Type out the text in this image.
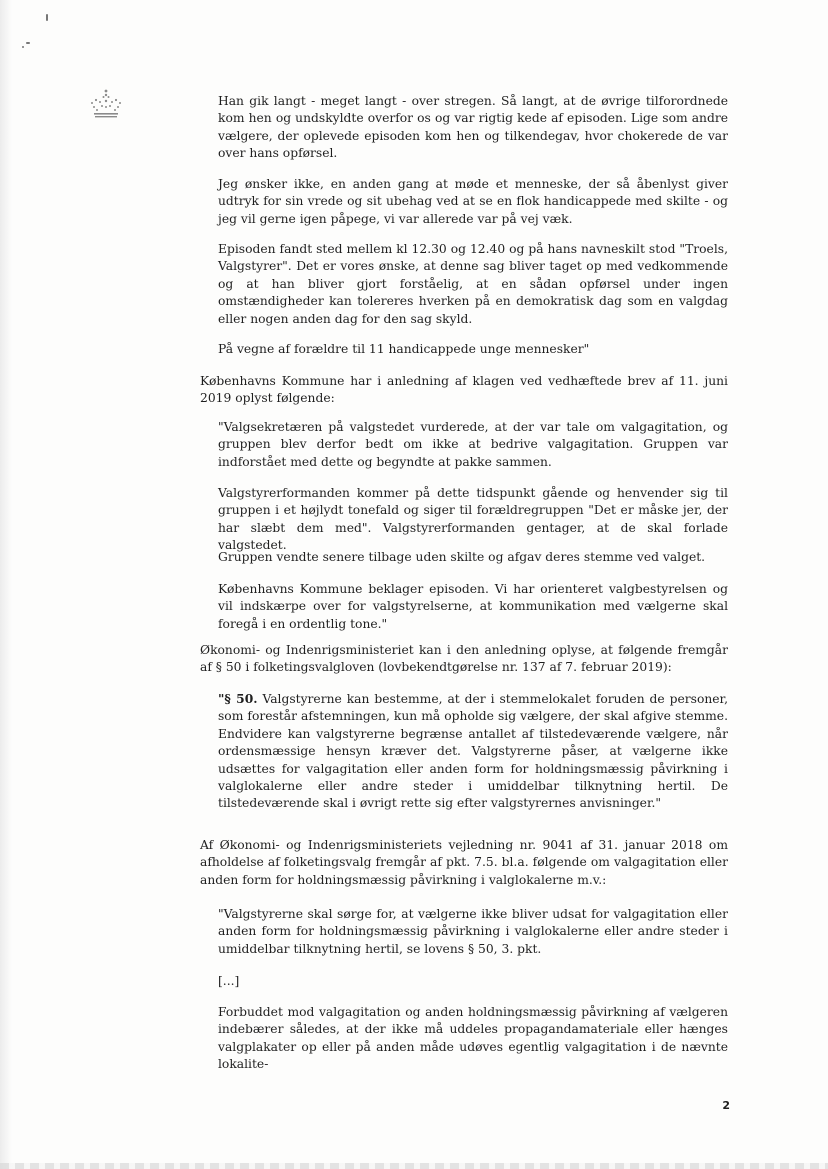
Han gik langt - meget langt - over stregen. Så langt, at de øvrige tilforordnede kom hen og undskyldte overfor os og var rigtig kede af episoden. Lige som andre vælgere, der oplevede episoden kom hen og tilkendegav, hvor chokerede de var over hans opførsel.

Jeg ønsker ikke, en anden gang at møde et menneske, der så åbenlyst giver udtryk for sin vrede og sit ubehag ved at se en flok handicappede med skilte - og jeg vil gerne igen påpege, vi var allerede var på vej væk.

Episoden fandt sted mellem kl 12.30 og 12.40 og på hans navneskilt stod "Troels, Valgstyrer". Det er vores ønske, at denne sag bliver taget op med vedkommende og at han bliver gjort forståelig, at en sådan opførsel under ingen omstændigheder kan tolereres hverken på en demokratisk dag som en valgdag eller nogen anden dag for den sag skyld.

På vegne af forældre til 11 handicappede unge mennesker"

Københavns Kommune har i anledning af klagen ved vedhæftede brev af 11. juni 2019 oplyst følgende:

"Valgsekretæren på valgstedet vurderede, at der var tale om valgagitation, og gruppen blev derfor bedt om ikke at bedrive valgagitation. Gruppen var indforstået med dette og begyndte at pakke sammen.

Valgstyrerformanden kommer på dette tidspunkt gående og henvender sig til gruppen i et højlydt tonefald og siger til forældregruppen "Det er måske jer, der har slæbt dem med". Valgstyrerformanden gentager, at de skal forlade valgstedet.

Gruppen vendte senere tilbage uden skilte og afgav deres stemme ved valget.

Københavns Kommune beklager episoden. Vi har orienteret valgbestyrelsen og vil indskærpe over for valgstyrelserne, at kommunikation med vælgerne skal foregå i en ordentlig tone."

Økonomi- og Indenrigsministeriet kan i den anledning oplyse, at følgende fremgår af § 50 i folketingsvalgloven (lovbekendtgørelse nr. 137 af 7. februar 2019):

"§ 50. Valgstyrerne kan bestemme, at der i stemmelokalet foruden de personer, som forestår afstemningen, kun må opholde sig vælgere, der skal afgive stemme. Endvidere kan valgstyrerne begrænse antallet af tilstedeværende vælgere, når ordensmæssige hensyn kræver det. Valgstyrerne påser, at vælgerne ikke udsættes for valgagitation eller anden form for holdningsmæssig påvirkning i valglokalerne eller andre steder i umiddelbar tilknytning hertil. De tilstedeværende skal i øvrigt rette sig efter valgstyrernes anvisninger."

Af Økonomi- og Indenrigsministeriets vejledning nr. 9041 af 31. januar 2018 om afholdelse af folketingsvalg fremgår af pkt. 7.5. bl.a. følgende om valgagitation eller anden form for holdningsmæssig påvirkning i valglokalerne m.v.:

"Valgstyrerne skal sørge for, at vælgerne ikke bliver udsat for valgagitation eller anden form for holdningsmæssig påvirkning i valglokalerne eller andre steder i umiddelbar tilknytning hertil, se lovens § 50, 3. pkt.

[...]

Forbuddet mod valgagitation og anden holdningsmæssig påvirkning af vælgeren indebærer således, at der ikke må uddeles propagandamateriale eller hænges valgplakater op eller på anden måde udøves egentlig valgagitation i de nævnte lokalite-

2
